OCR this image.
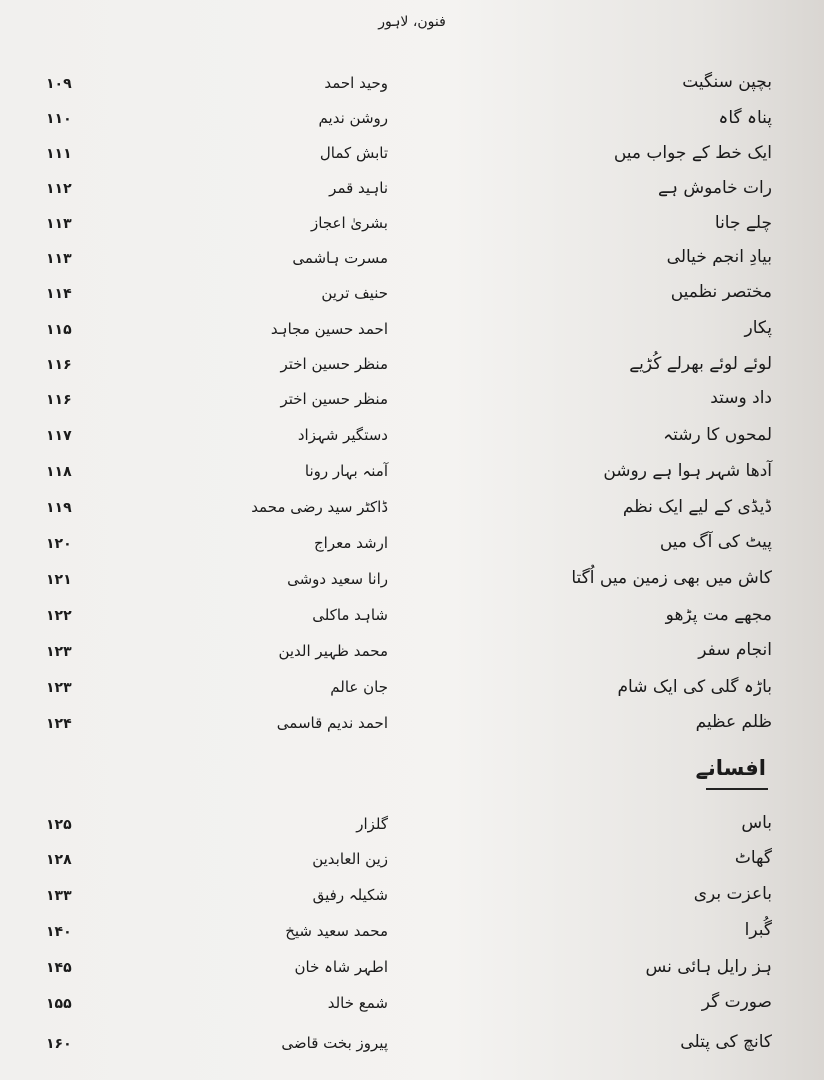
فنون، لاہور
بچپن سنگیت
وحید احمد
۱۰۹
پناہ گاہ
روشن ندیم
۱۱۰
ایک خط کے جواب میں
تابش کمال
۱۱۱
رات خاموش ہے
ناہید قمر
۱۱۲
چلے جانا
بشریٰ اعجاز
۱۱۳
بیادِ انجم خیالی
مسرت ہاشمی
۱۱۳
مختصر نظمیں
حنیف ترین
۱۱۴
پکار
احمد حسین مجاہد
۱۱۵
لوئے لوئے بھرلے کُڑیے
منظر حسین اختر
۱۱۶
داد وستد
منظر حسین اختر
۱۱۶
لمحوں کا رشتہ
دستگیر شہزاد
۱۱۷
آدھا شہر ہوا ہے روشن
آمنہ بہار رونا
۱۱۸
ڈیڈی کے لیے ایک نظم
ڈاکٹر سید رضی محمد
۱۱۹
پیٹ کی آگ میں
ارشد معراج
۱۲۰
کاش میں بھی زمین میں اُگتا
رانا سعید دوشی
۱۲۱
مجھے مت پڑھو
شاہد ماکلی
۱۲۲
انجام سفر
محمد ظہیر الدین
۱۲۳
باڑہ گلی کی ایک شام
جان عالم
۱۲۳
ظلم عظیم
احمد ندیم قاسمی
۱۲۴
باس
گلزار
۱۲۵
گھاٹ
زین العابدین
۱۲۸
باعزت بری
شکیلہ رفیق
۱۳۳
گُبرا
محمد سعید شیخ
۱۴۰
ہز رایل ہائی نس
اطہر شاہ خان
۱۴۵
صورت گر
شمع خالد
۱۵۵
کانچ کی پتلی
پیروز بخت قاضی
۱۶۰
افسانے
